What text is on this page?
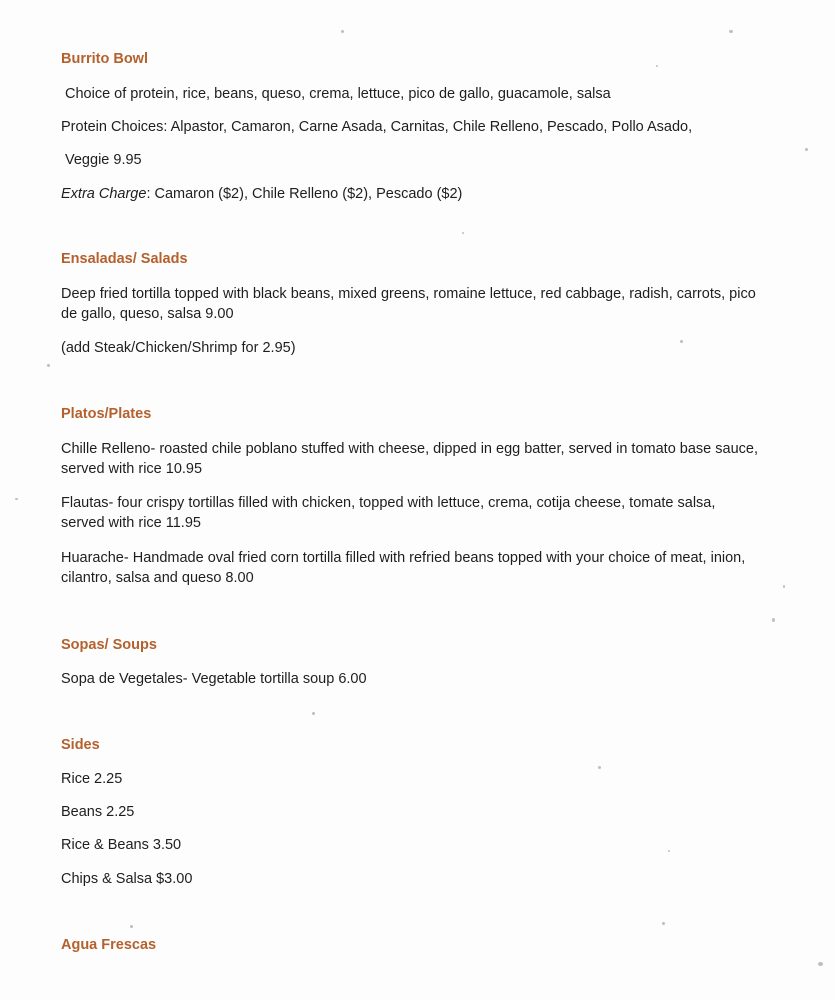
Burrito Bowl
Choice of protein, rice, beans, queso, crema, lettuce, pico de gallo, guacamole, salsa
Protein Choices: Alpastor, Camaron, Carne Asada, Carnitas, Chile Relleno, Pescado, Pollo Asado,
Veggie 9.95
Extra Charge: Camaron ($2), Chile Relleno ($2), Pescado ($2)
Ensaladas/ Salads
Deep fried tortilla topped with black beans, mixed greens, romaine lettuce, red cabbage, radish, carrots, pico de gallo, queso, salsa 9.00
(add Steak/Chicken/Shrimp for 2.95)
Platos/Plates
Chille Relleno- roasted chile poblano stuffed with cheese, dipped in egg batter, served in tomato base sauce, served with rice 10.95
Flautas- four crispy tortillas filled with chicken, topped with lettuce, crema, cotija cheese, tomate salsa, served with rice 11.95
Huarache- Handmade oval fried corn tortilla filled with refried beans topped with your choice of meat, inion, cilantro, salsa and queso 8.00
Sopas/ Soups
Sopa de Vegetales- Vegetable tortilla soup 6.00
Sides
Rice 2.25
Beans 2.25
Rice & Beans 3.50
Chips & Salsa $3.00
Agua Frescas
